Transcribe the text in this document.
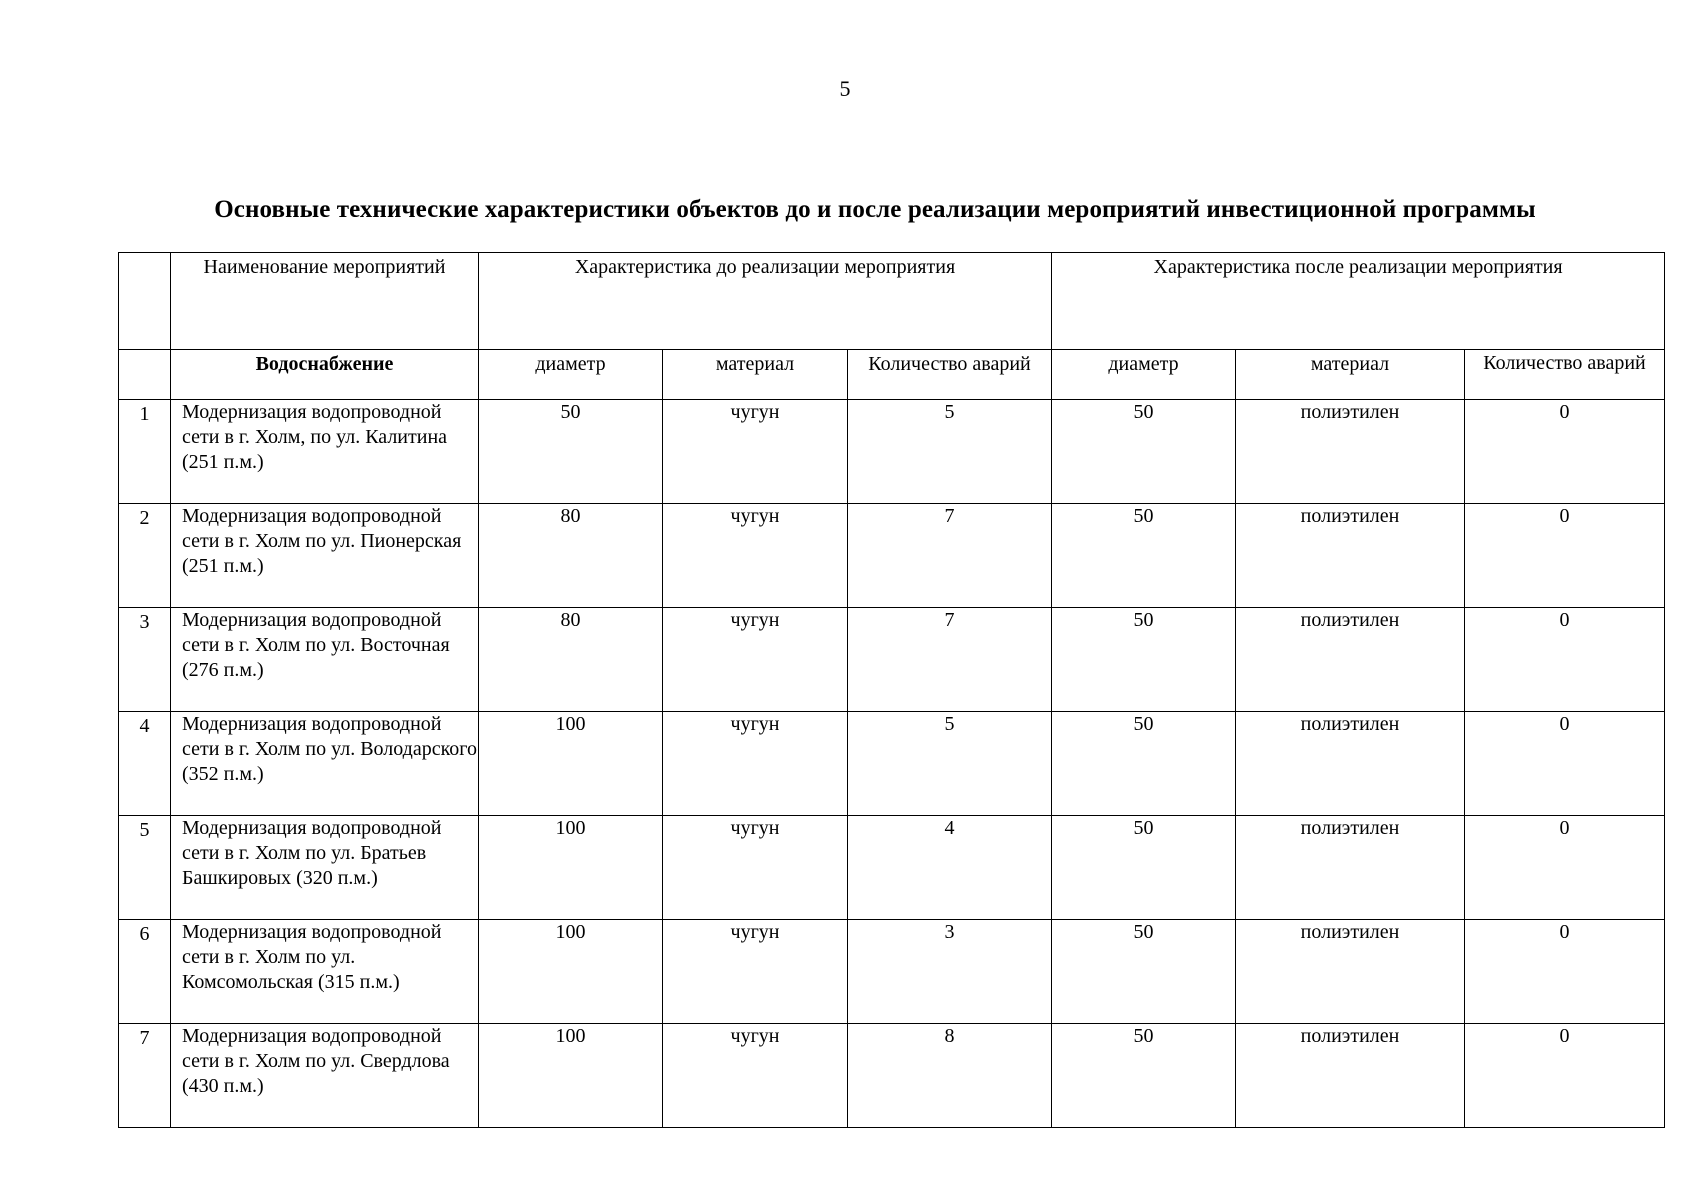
5
Основные технические характеристики объектов до и после реализации мероприятий инвестиционной программы

	Наименование мероприятий	Характеристика до реализации мероприятия			Характеристика после реализации мероприятия		

	Водоснабжение	диаметр	материал	Количество аварий	диаметр	материал	Количество аварий

1	Модернизация водопроводной сети в г. Холм, по ул. Калитина (251 п.м.)	50	чугун	5	50	полиэтилен	0
2	Модернизация водопроводной сети в г. Холм по ул. Пионерская (251 п.м.)	80	чугун	7	50	полиэтилен	0
3	Модернизация водопроводной сети в г. Холм по ул. Восточная (276 п.м.)	80	чугун	7	50	полиэтилен	0
4	Модернизация водопроводной сети в г. Холм по ул. Володарского (352 п.м.)	100	чугун	5	50	полиэтилен	0
5	Модернизация водопроводной сети в г. Холм по ул. Братьев Башкировых (320 п.м.)	100	чугун	4	50	полиэтилен	0
6	Модернизация водопроводной сети в г. Холм по ул. Комсомольская (315 п.м.)	100	чугун	3	50	полиэтилен	0
7	Модернизация водопроводной сети в г. Холм по ул. Свердлова (430 п.м.)	100	чугун	8	50	полиэтилен	0
